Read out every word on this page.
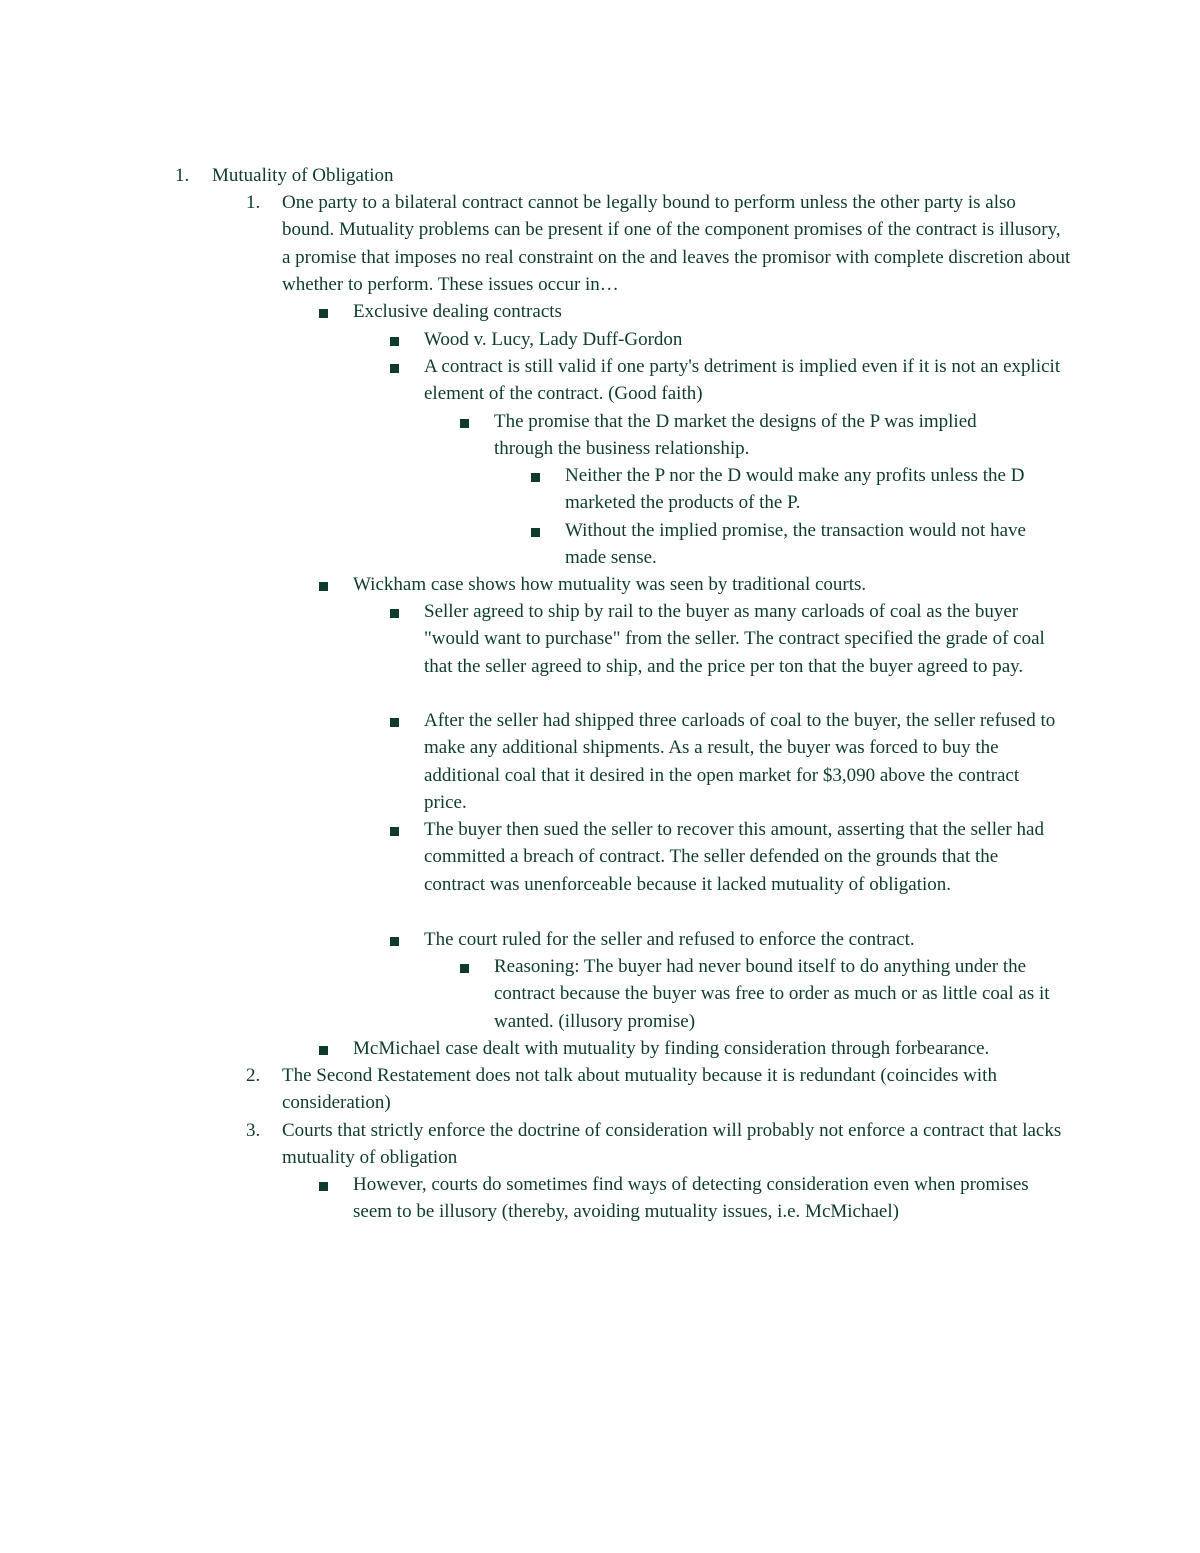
1.	Mutuality of Obligation
1.	One party to a bilateral contract cannot be legally bound to perform unless the other party is also bound. Mutuality problems can be present if one of the component promises of the contract is illusory, a promise that imposes no real constraint on the and leaves the promisor with complete discretion about whether to perform. These issues occur in…
Exclusive dealing contracts
Wood v. Lucy, Lady Duff-Gordon
A contract is still valid if one party's detriment is implied even if it is not an explicit element of the contract. (Good faith)
The promise that the D market the designs of the P was implied through the business relationship.
Neither the P nor the D would make any profits unless the D marketed the products of the P.
Without the implied promise, the transaction would not have made sense.
Wickham case shows how mutuality was seen by traditional courts.
Seller agreed to ship by rail to the buyer as many carloads of coal as the buyer "would want to purchase" from the seller. The contract specified the grade of coal that the seller agreed to ship, and the price per ton that the buyer agreed to pay.
After the seller had shipped three carloads of coal to the buyer, the seller refused to make any additional shipments. As a result, the buyer was forced to buy the additional coal that it desired in the open market for $3,090 above the contract price.
The buyer then sued the seller to recover this amount, asserting that the seller had committed a breach of contract. The seller defended on the grounds that the contract was unenforceable because it lacked mutuality of obligation.
The court ruled for the seller and refused to enforce the contract.
Reasoning: The buyer had never bound itself to do anything under the contract because the buyer was free to order as much or as little coal as it wanted. (illusory promise)
McMichael case dealt with mutuality by finding consideration through forbearance.
2.	The Second Restatement does not talk about mutuality because it is redundant (coincides with consideration)
3.	Courts that strictly enforce the doctrine of consideration will probably not enforce a contract that lacks mutuality of obligation
However, courts do sometimes find ways of detecting consideration even when promises seem to be illusory (thereby, avoiding mutuality issues, i.e. McMichael)
